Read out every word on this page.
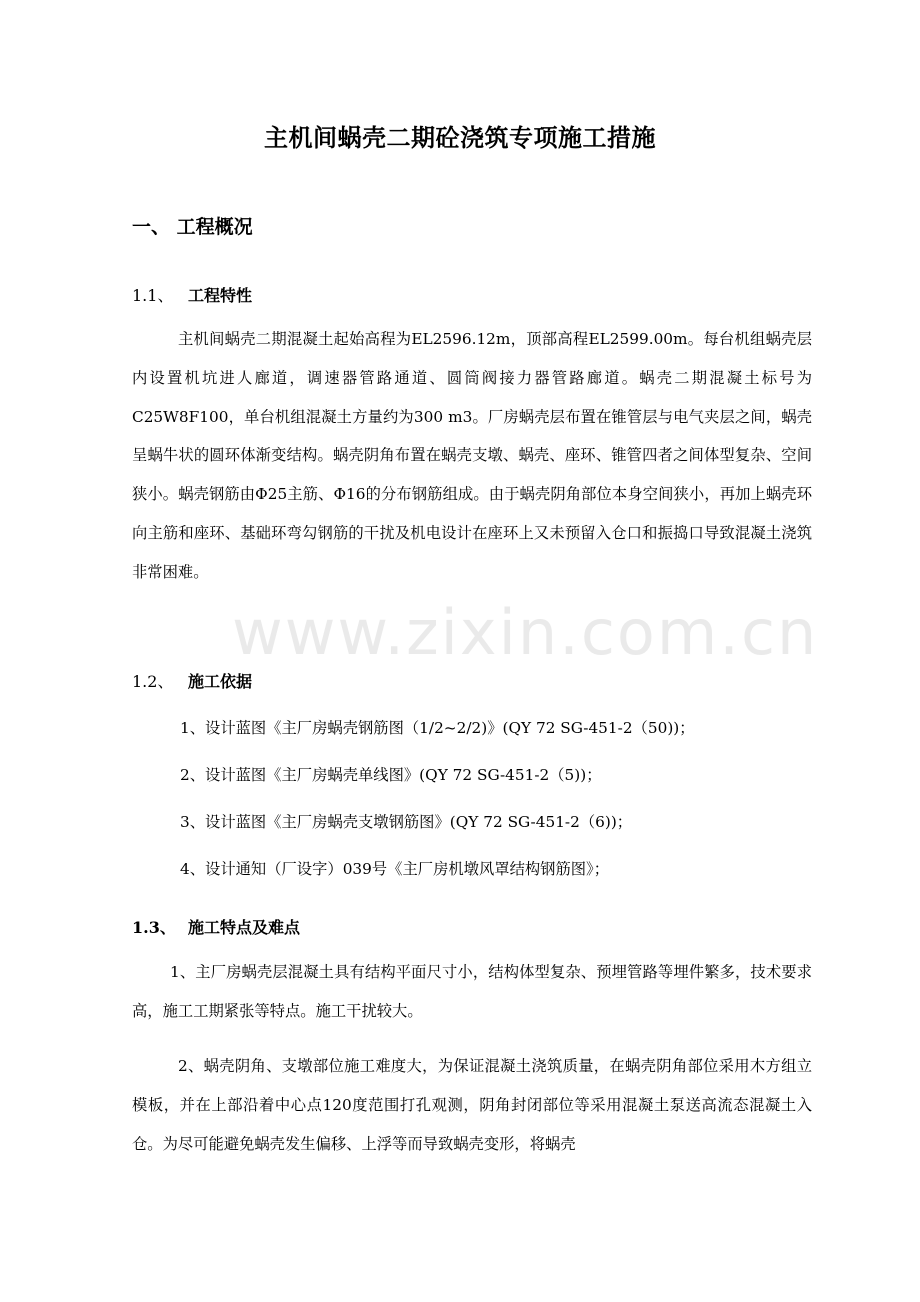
主机间蜗壳二期砼浇筑专项施工措施
一、 工程概况
1.1、 工程特性
主机间蜗壳二期混凝土起始高程为EL2596.12m，顶部高程EL2599.00m。每台机组蜗壳层内设置机坑进人廊道，调速器管路通道、圆筒阀接力器管路廊道。蜗壳二期混凝土标号为C25W8F100，单台机组混凝土方量约为300 m3。厂房蜗壳层布置在锥管层与电气夹层之间，蜗壳呈蜗牛状的圆环体渐变结构。蜗壳阴角布置在蜗壳支墩、蜗壳、座环、锥管四者之间体型复杂、空间狭小。蜗壳钢筋由Φ25主筋、Φ16的分布钢筋组成。由于蜗壳阴角部位本身空间狭小，再加上蜗壳环向主筋和座环、基础环弯勾钢筋的干扰及机电设计在座环上又未预留入仓口和振捣口导致混凝土浇筑非常困难。
1.2、 施工依据
1、设计蓝图《主厂房蜗壳钢筋图（1/2~2/2)》(QY 72 SG-451-2（50))；
2、设计蓝图《主厂房蜗壳单线图》(QY 72 SG-451-2（5))；
3、设计蓝图《主厂房蜗壳支墩钢筋图》(QY 72 SG-451-2（6))；
4、设计通知（厂设字）039号《主厂房机墩风罩结构钢筋图》；
1.3、 施工特点及难点
1、主厂房蜗壳层混凝土具有结构平面尺寸小，结构体型复杂、预埋管路等埋件繁多，技术要求高，施工工期紧张等特点。施工干扰较大。
2、蜗壳阴角、支墩部位施工难度大，为保证混凝土浇筑质量，在蜗壳阴角部位采用木方组立模板，并在上部沿着中心点120度范围打孔观测，阴角封闭部位等采用混凝土泵送高流态混凝土入仓。为尽可能避免蜗壳发生偏移、上浮等而导致蜗壳变形，将蜗壳
www.zixin.com.cn
